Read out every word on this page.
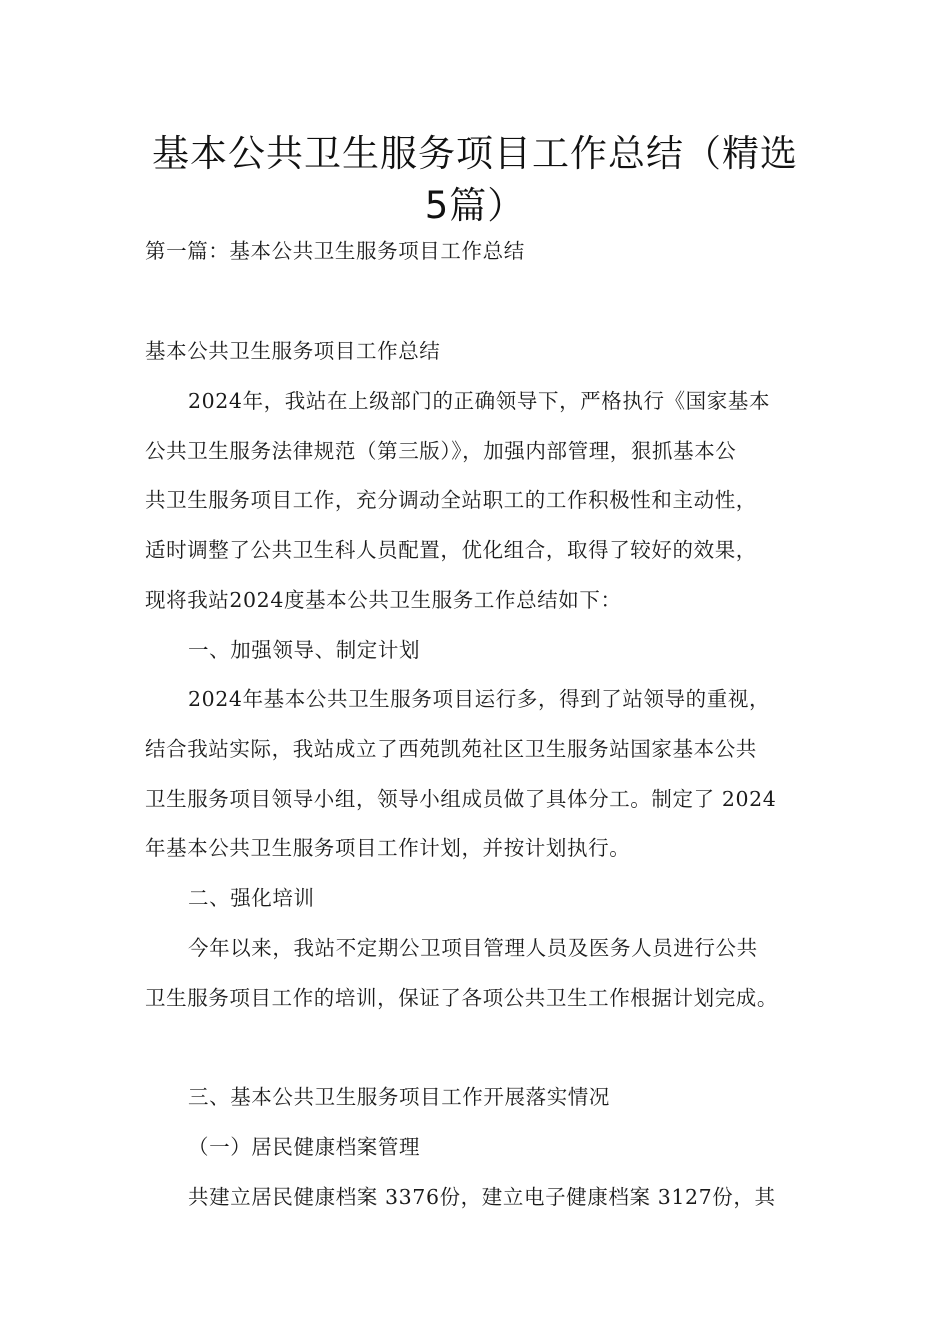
基本公共卫生服务项目工作总结（精选
5篇）
第一篇：基本公共卫生服务项目工作总结
基本公共卫生服务项目工作总结
2024年，我站在上级部门的正确领导下，严格执行《国家基本
公共卫生服务法律规范（第三版）》，加强内部管理，狠抓基本公
共卫生服务项目工作，充分调动全站职工的工作积极性和主动性，
适时调整了公共卫生科人员配置，优化组合，取得了较好的效果，
现将我站2024度基本公共卫生服务工作总结如下：
一、加强领导、制定计划
2024年基本公共卫生服务项目运行多，得到了站领导的重视，
结合我站实际，我站成立了西苑凯苑社区卫生服务站国家基本公共
卫生服务项目领导小组，领导小组成员做了具体分工。制定了 2024
年基本公共卫生服务项目工作计划，并按计划执行。
二、强化培训
今年以来，我站不定期公卫项目管理人员及医务人员进行公共
卫生服务项目工作的培训，保证了各项公共卫生工作根据计划完成。
三、基本公共卫生服务项目工作开展落实情况
（一）居民健康档案管理
共建立居民健康档案 3376份，建立电子健康档案 3127份，其
